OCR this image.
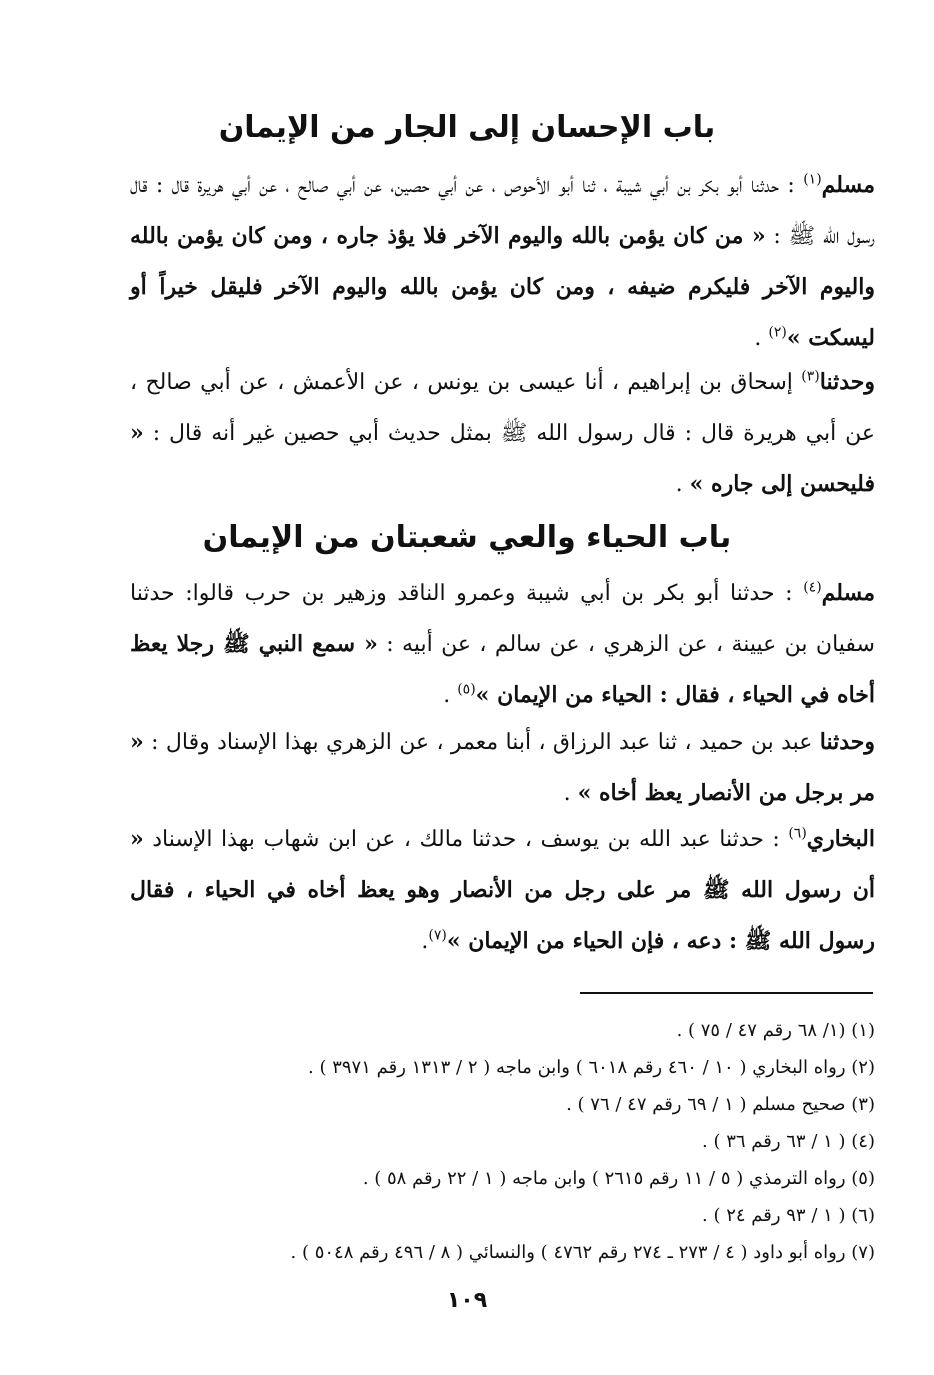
باب الإحسان إلى الجار من الإيمان
مسلم$^{(١)}$ : حدثنا أبو بكر بن أبي شيبة ، ثنا أبو الأحوص ، عن أبي حصين، عن أبي صالح ، عن أبي هريرة قال : قال رسول الله ﷺ : « من كان يؤمن بالله واليوم الآخر فلا يؤذ جاره ، ومن كان يؤمن بالله واليوم الآخر فليكرم ضيفه ، ومن كان يؤمن بالله واليوم الآخر فليقل خيراً أو ليسكت »$^{(٢)}$ .
وحدثنا$^{(٣)}$ إسحاق بن إبراهيم ، أنا عيسى بن يونس ، عن الأعمش ، عن أبي صالح ، عن أبي هريرة قال : قال رسول الله ﷺ بمثل حديث أبي حصين غير أنه قال : « فليحسن إلى جاره » .
باب الحياء والعي شعبتان من الإيمان
مسلم$^{(٤)}$ : حدثنا أبو بكر بن أبي شيبة وعمرو الناقد وزهير بن حرب قالوا: حدثنا سفيان بن عيينة ، عن الزهري ، عن سالم ، عن أبيه : « سمع النبي ﷺ رجلا يعظ أخاه في الحياء ، فقال : الحياء من الإيمان »$^{(٥)}$ .
وحدثنا عبد بن حميد ، ثنا عبد الرزاق ، أبنا معمر ، عن الزهري بهذا الإسناد وقال : « مر برجل من الأنصار يعظ أخاه » .
البخاري$^{(٦)}$ : حدثنا عبد الله بن يوسف ، حدثنا مالك ، عن ابن شهاب بهذا الإسناد « أن رسول الله ﷺ مر على رجل من الأنصار وهو يعظ أخاه في الحياء ، فقال رسول الله ﷺ : دعه ، فإن الحياء من الإيمان »$^{(٧)}$.
(١) (١/ ٦٨ رقم ٤٧ / ٧٥ ) .
(٢) رواه البخاري ( ١٠ / ٤٦٠ رقم ٦٠١٨ ) وابن ماجه ( ٢ / ١٣١٣ رقم ٣٩٧١ ) .
(٣) صحيح مسلم ( ١ / ٦٩ رقم ٤٧ / ٧٦ ) .
(٤) ( ١ / ٦٣ رقم ٣٦ ) .
(٥) رواه الترمذي ( ٥ / ١١ رقم ٢٦١٥ ) وابن ماجه ( ١ / ٢٢ رقم ٥٨ ) .
(٦) ( ١ / ٩٣ رقم ٢٤ ) .
(٧) رواه أبو داود ( ٤ / ٢٧٣ ـ ٢٧٤ رقم ٤٧٦٢ ) والنسائي ( ٨ / ٤٩٦ رقم ٥٠٤٨ ) .
١٠٩
